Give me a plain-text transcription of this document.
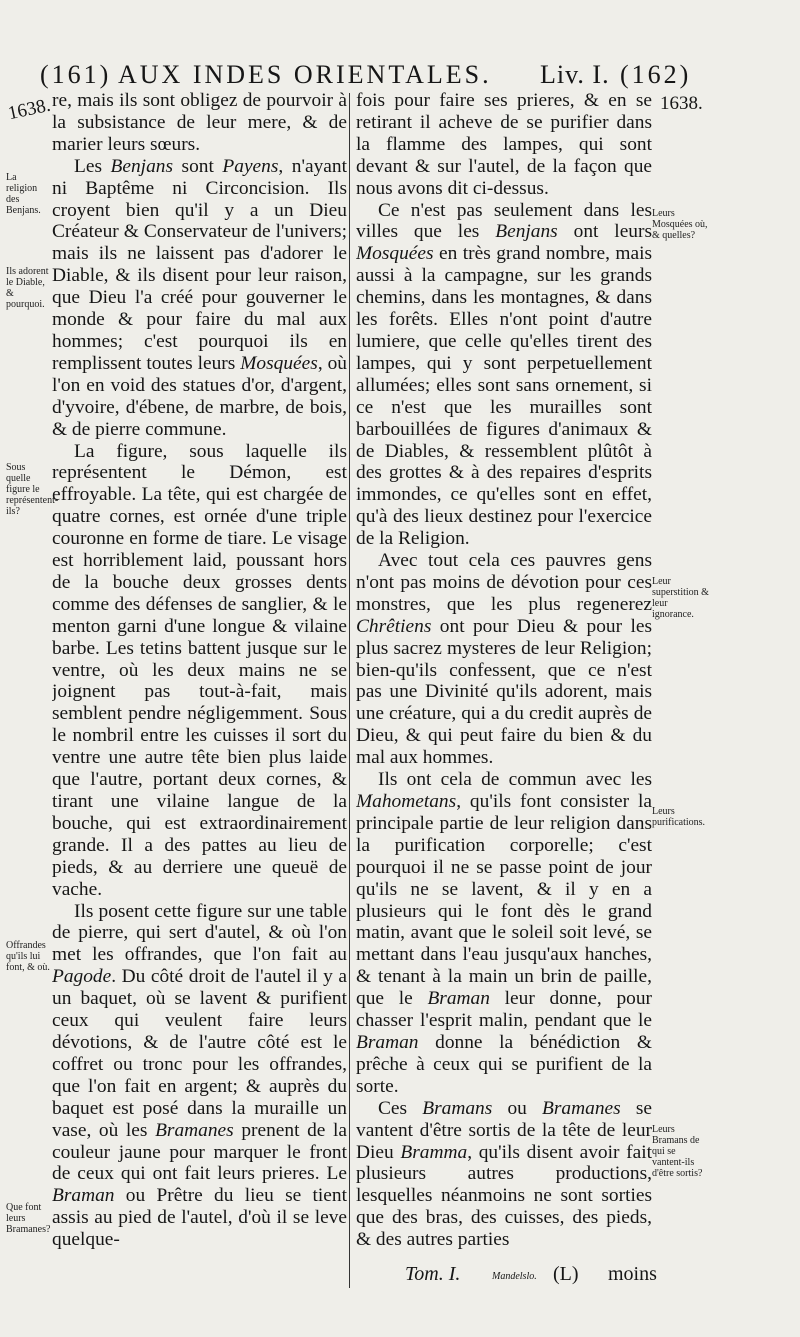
(161) AUX INDES ORIENTALES. Liv. I. (162)
1638.	1638.

re, mais ils sont obligez de pourvoir à la subsistance de leur mere, & de marier leurs sœurs.

Les Benjans sont Payens, n'ayant ni Baptême ni Circoncision. Ils croyent bien qu'il y a un Dieu Créateur & Conservateur de l'univers; mais ils ne laissent pas d'adorer le Diable, & ils disent pour leur raison, que Dieu l'a créé pour gouverner le monde & pour faire du mal aux hommes; c'est pourquoi ils en remplissent toutes leurs Mosquées, où l'on en void des statues d'or, d'argent, d'yvoire, d'ébene, de marbre, de bois, & de pierre commune.

La figure, sous laquelle ils représentent le Démon, est effroyable. La tête, qui est chargée de quatre cornes, est ornée d'une triple couronne en forme de tiare. Le visage est horriblement laid, poussant hors de la bouche deux grosses dents comme des défenses de sanglier, & le menton garni d'une longue & vilaine barbe. Les tetins battent jusque sur le ventre, où les deux mains ne se joignent pas tout-à-fait, mais semblent pendre négligemment. Sous le nombril entre les cuisses il sort du ventre une autre tête bien plus laide que l'autre, portant deux cornes, & tirant une vilaine langue de la bouche, qui est extraordinairement grande. Il a des pattes au lieu de pieds, & au derriere une queuë de vache.

Ils posent cette figure sur une table de pierre, qui sert d'autel, & où l'on met les offrandes, que l'on fait au Pagode. Du côté droit de l'autel il y a un baquet, où se lavent & purifient ceux qui veulent faire leurs dévotions, & de l'autre côté est le coffret ou tronc pour les offrandes, que l'on fait en argent; & auprès du baquet est posé dans la muraille un vase, où les Bramanes prenent de la couleur jaune pour marquer le front de ceux qui ont fait leurs prieres. Le Braman ou Prêtre du lieu se tient assis au pied de l'autel, d'où il se leve quelque-

fois pour faire ses prieres, & en se retirant il acheve de se purifier dans la flamme des lampes, qui sont devant & sur l'autel, de la façon que nous avons dit ci-dessus.

Ce n'est pas seulement dans les villes que les Benjans ont leurs Mosquées en très grand nombre, mais aussi à la campagne, sur les grands chemins, dans les montagnes, & dans les forêts. Elles n'ont point d'autre lumiere, que celle qu'elles tirent des lampes, qui y sont perpetuellement allumées; elles sont sans ornement, si ce n'est que les murailles sont barbouillées de figures d'animaux & de Diables, & ressemblent plûtôt à des grottes & à des repaires d'esprits immondes, ce qu'elles sont en effet, qu'à des lieux destinez pour l'exercice de la Religion.

Avec tout cela ces pauvres gens n'ont pas moins de dévotion pour ces monstres, que les plus regenerez Chrêtiens ont pour Dieu & pour les plus sacrez mysteres de leur Religion; bien-qu'ils confessent, que ce n'est pas une Divinité qu'ils adorent, mais une créature, qui a du credit auprès de Dieu, & qui peut faire du bien & du mal aux hommes.

Ils ont cela de commun avec les Mahometans, qu'ils font consister la principale partie de leur religion dans la purification corporelle; c'est pourquoi il ne se passe point de jour qu'ils ne se lavent, & il y en a plusieurs qui le font dès le grand matin, avant que le soleil soit levé, se mettant dans l'eau jusqu'aux hanches, & tenant à la main un brin de paille, que le Braman leur donne, pour chasser l'esprit malin, pendant que le Braman donne la bénédiction & prêche à ceux qui se purifient de la sorte.

Ces Bramans ou Bramanes se vantent d'être sortis de la tête de leur Dieu Bramma, qu'ils disent avoir fait plusieurs autres productions, lesquelles néanmoins ne sont sorties que des bras, des cuisses, des pieds, & des autres parties

La religion des Benjans.
Ils adorent le Diable, & pourquoi.
Sous quelle figure le représentent-ils?
Offrandes qu'ils lui font, & où.
Que font leurs Bramanes?
Leurs Mosquées où, & quelles?
Leur superstition & leur ignorance.
Leurs purifications.
Leurs Bramans de qui se vantent-ils d'être sortis?
Tom. I.	Mandelslo. (L) moins
